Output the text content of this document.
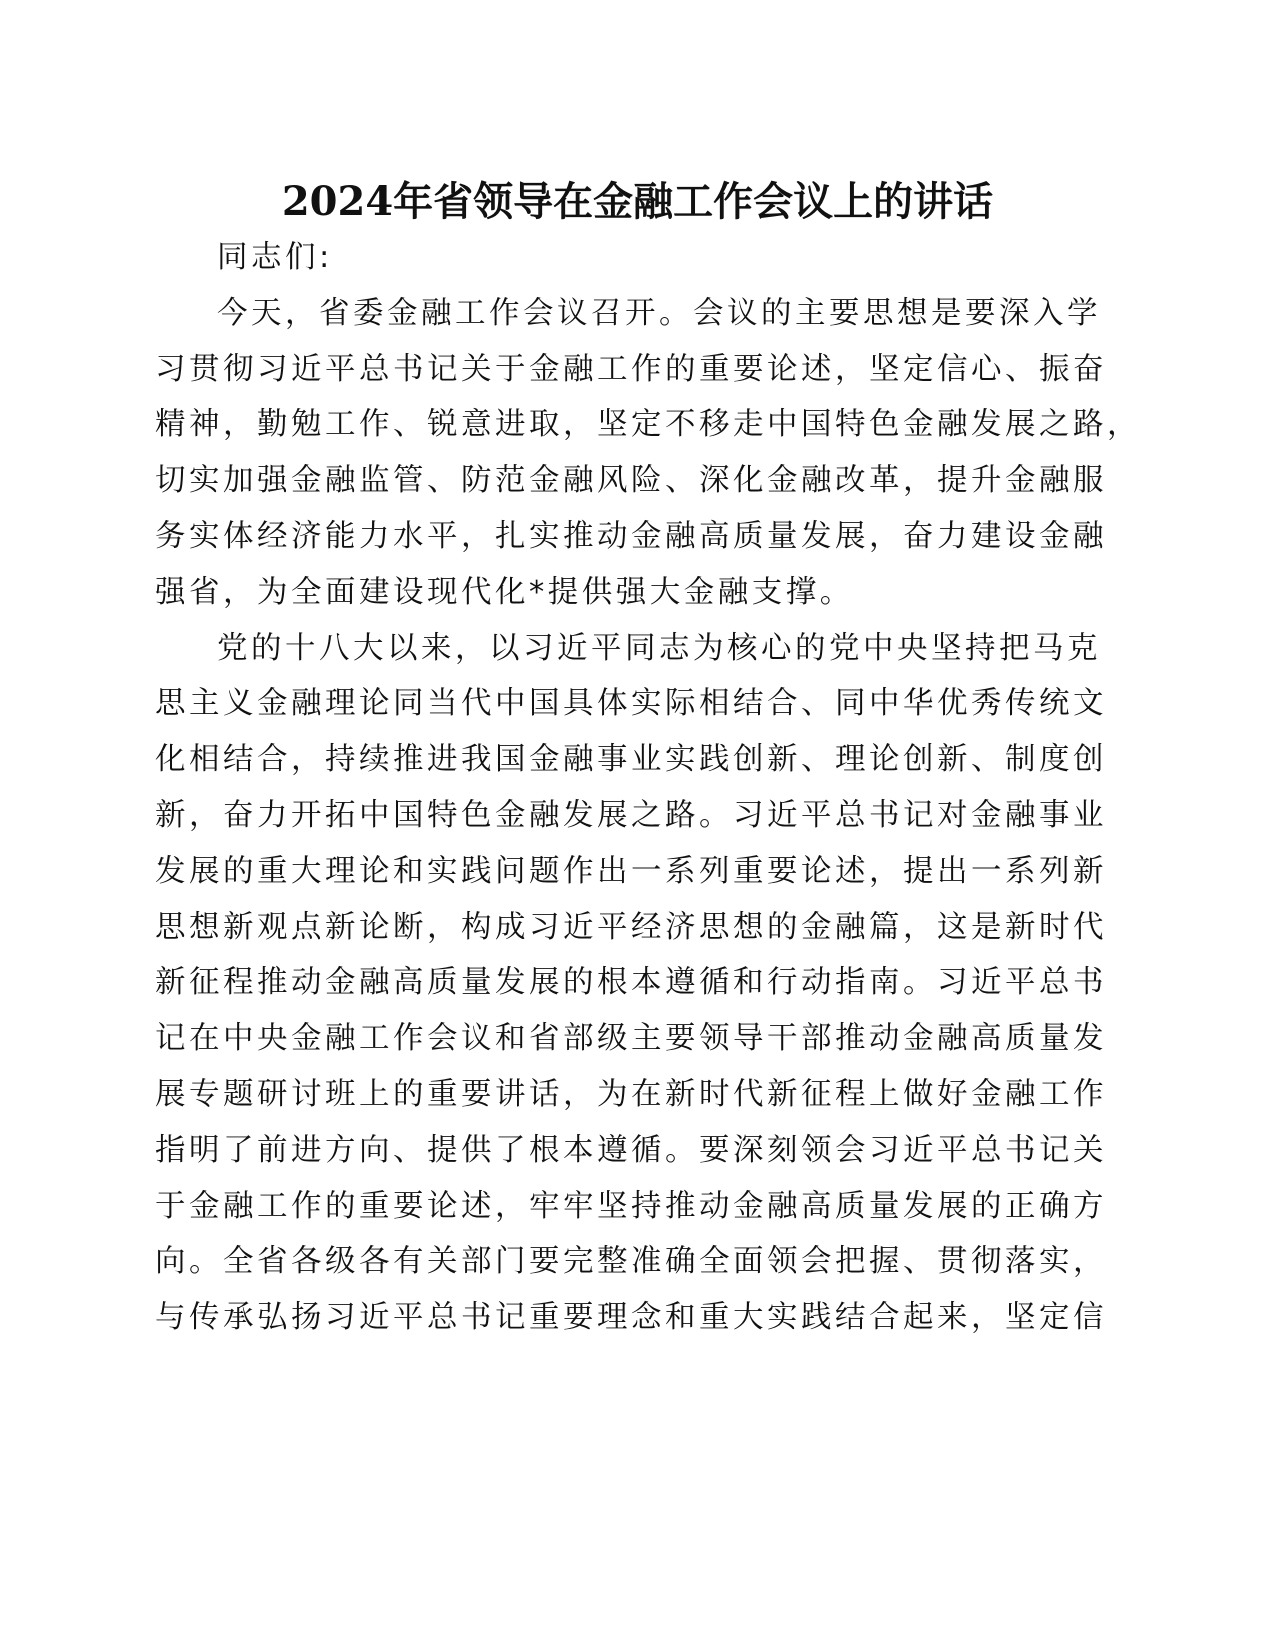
2024年省领导在金融工作会议上的讲话
同志们:
今天，省委金融工作会议召开。会议的主要思想是要深入学
习贯彻习近平总书记关于金融工作的重要论述，坚定信心、振奋
精神，勤勉工作、锐意进取，坚定不移走中国特色金融发展之路，
切实加强金融监管、防范金融风险、深化金融改革，提升金融服
务实体经济能力水平，扎实推动金融高质量发展，奋力建设金融
强省，为全面建设现代化*提供强大金融支撑。
党的十八大以来，以习近平同志为核心的党中央坚持把马克
思主义金融理论同当代中国具体实际相结合、同中华优秀传统文
化相结合，持续推进我国金融事业实践创新、理论创新、制度创
新，奋力开拓中国特色金融发展之路。习近平总书记对金融事业
发展的重大理论和实践问题作出一系列重要论述，提出一系列新
思想新观点新论断，构成习近平经济思想的金融篇，这是新时代
新征程推动金融高质量发展的根本遵循和行动指南。习近平总书
记在中央金融工作会议和省部级主要领导干部推动金融高质量发
展专题研讨班上的重要讲话，为在新时代新征程上做好金融工作
指明了前进方向、提供了根本遵循。要深刻领会习近平总书记关
于金融工作的重要论述，牢牢坚持推动金融高质量发展的正确方
向。全省各级各有关部门要完整准确全面领会把握、贯彻落实，
与传承弘扬习近平总书记重要理念和重大实践结合起来，坚定信
